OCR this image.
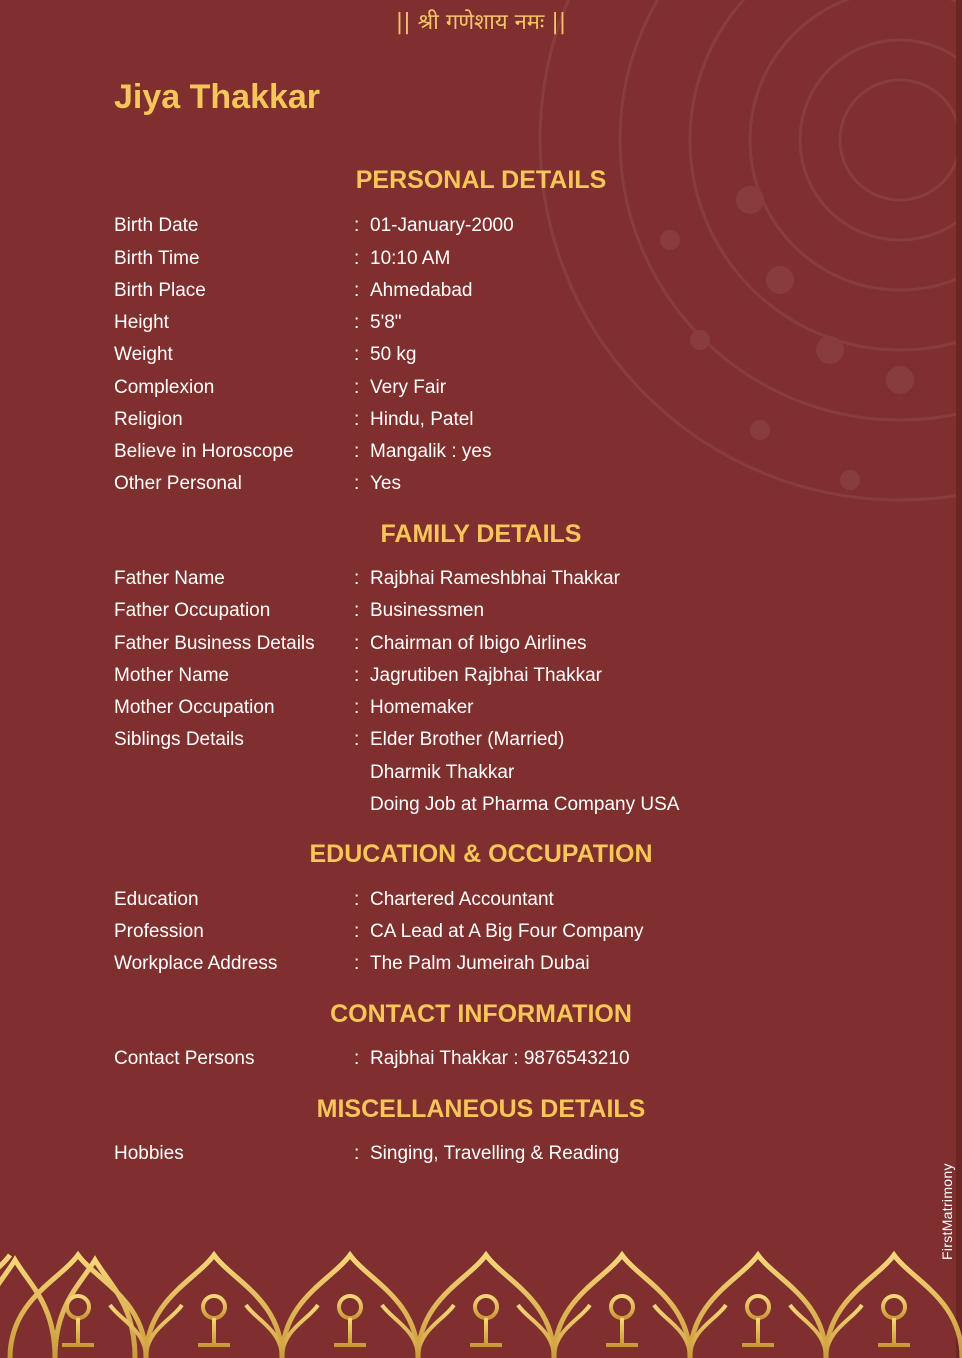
|| श्री गणेशाय नमः ||
Jiya Thakkar
PERSONAL DETAILS
Birth Date	: 01-January-2000
Birth Time	: 10:10 AM
Birth Place	: Ahmedabad
Height	: 5'8"
Weight	: 50 kg
Complexion	: Very Fair
Religion	: Hindu, Patel
Believe in Horoscope	: Mangalik : yes
Other Personal	: Yes
FAMILY DETAILS
Father Name	: Rajbhai Rameshbhai Thakkar
Father Occupation	: Businessmen
Father Business Details : Chairman of Ibigo Airlines
Mother Name	: Jagrutiben Rajbhai Thakkar
Mother Occupation	: Homemaker
Siblings Details	: Elder Brother (Married)
Dharmik Thakkar
Doing Job at Pharma Company USA
EDUCATION & OCCUPATION
Education	: Chartered Accountant
Profession	: CA Lead at A Big Four Company
Workplace Address	: The Palm Jumeirah Dubai
CONTACT INFORMATION
Contact Persons	: Rajbhai Thakkar : 9876543210
MISCELLANEOUS DETAILS
Hobbies	: Singing, Travelling & Reading
FirstMatrimony
